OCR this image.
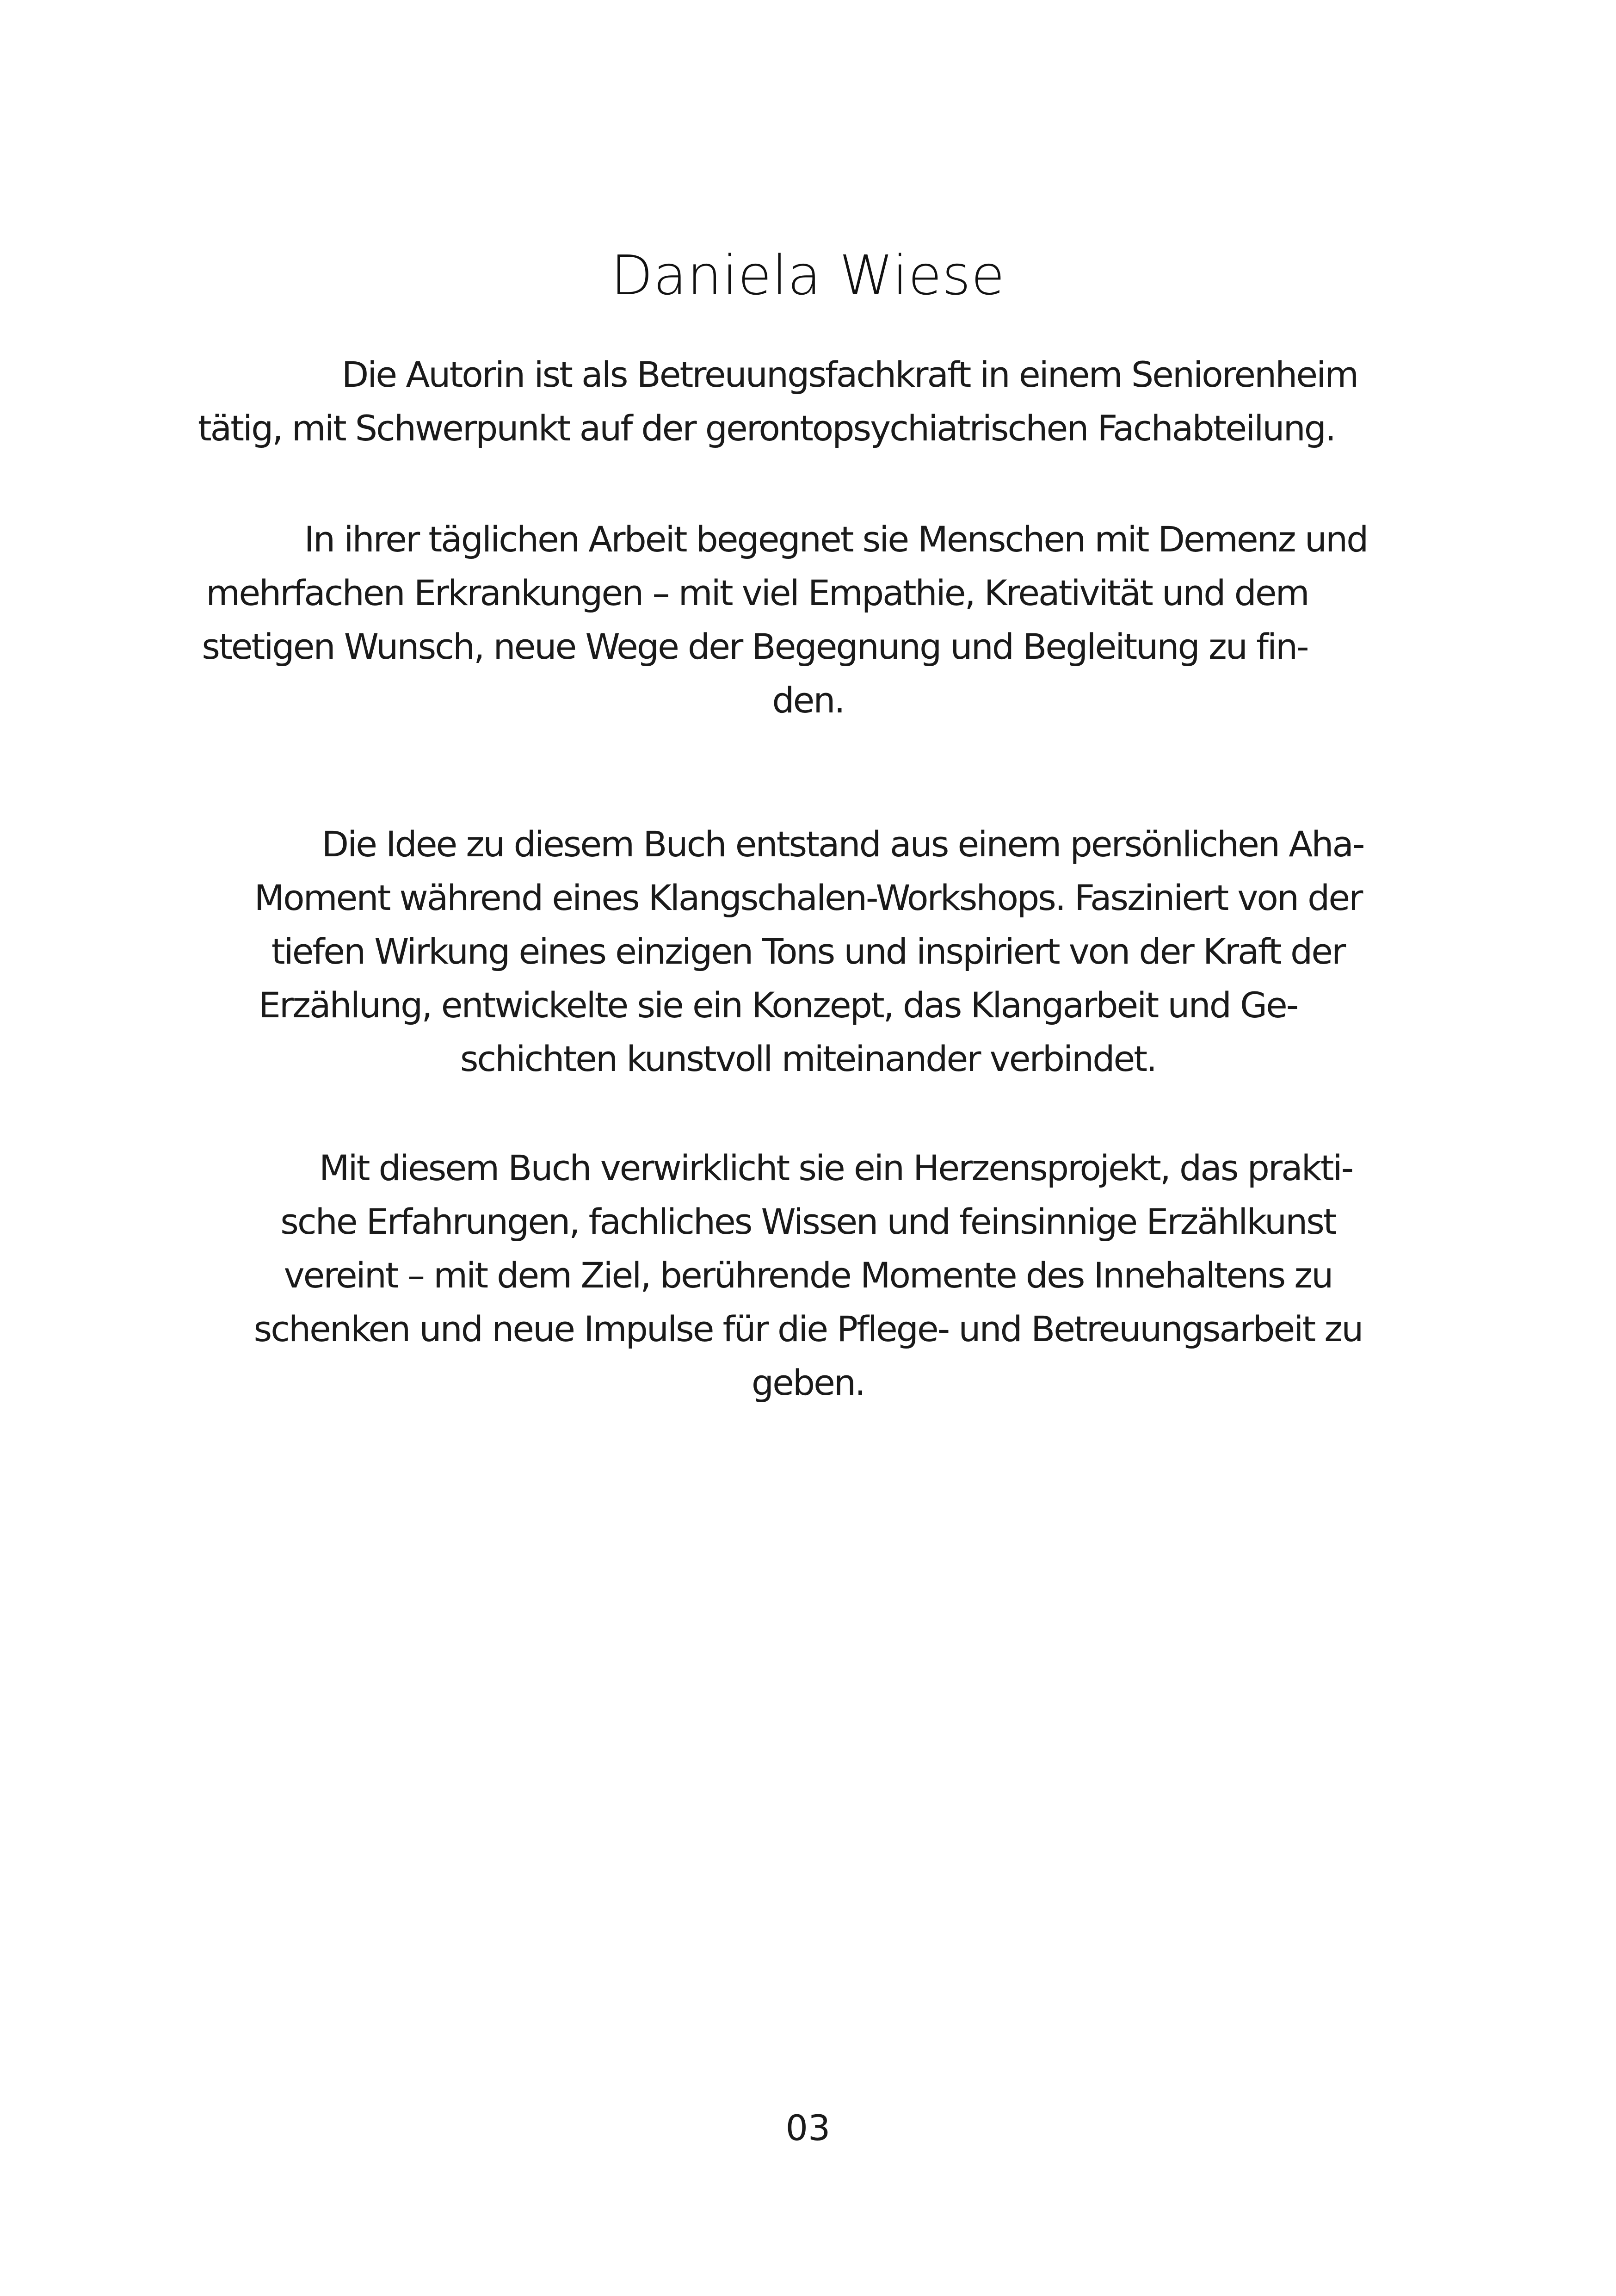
Daniela Wiese
Die Autorin ist als Betreuungsfachkraft in einem Seniorenheim
tätig, mit Schwerpunkt auf der gerontopsychiatrischen Fachabteilung.
In ihrer täglichen Arbeit begegnet sie Menschen mit Demenz und
mehrfachen Erkrankungen – mit viel Empathie, Kreativität und dem
stetigen Wunsch, neue Wege der Begegnung und Begleitung zu fin-
den.
Die Idee zu diesem Buch entstand aus einem persönlichen Aha-
Moment während eines Klangschalen-Workshops. Fasziniert von der
tiefen Wirkung eines einzigen Tons und inspiriert von der Kraft der
Erzählung, entwickelte sie ein Konzept, das Klangarbeit und Ge-
schichten kunstvoll miteinander verbindet.
Mit diesem Buch verwirklicht sie ein Herzensprojekt, das prakti-
sche Erfahrungen, fachliches Wissen und feinsinnige Erzählkunst
vereint – mit dem Ziel, berührende Momente des Innehaltens zu
schenken und neue Impulse für die Pflege- und Betreuungsarbeit zu
geben.
03
